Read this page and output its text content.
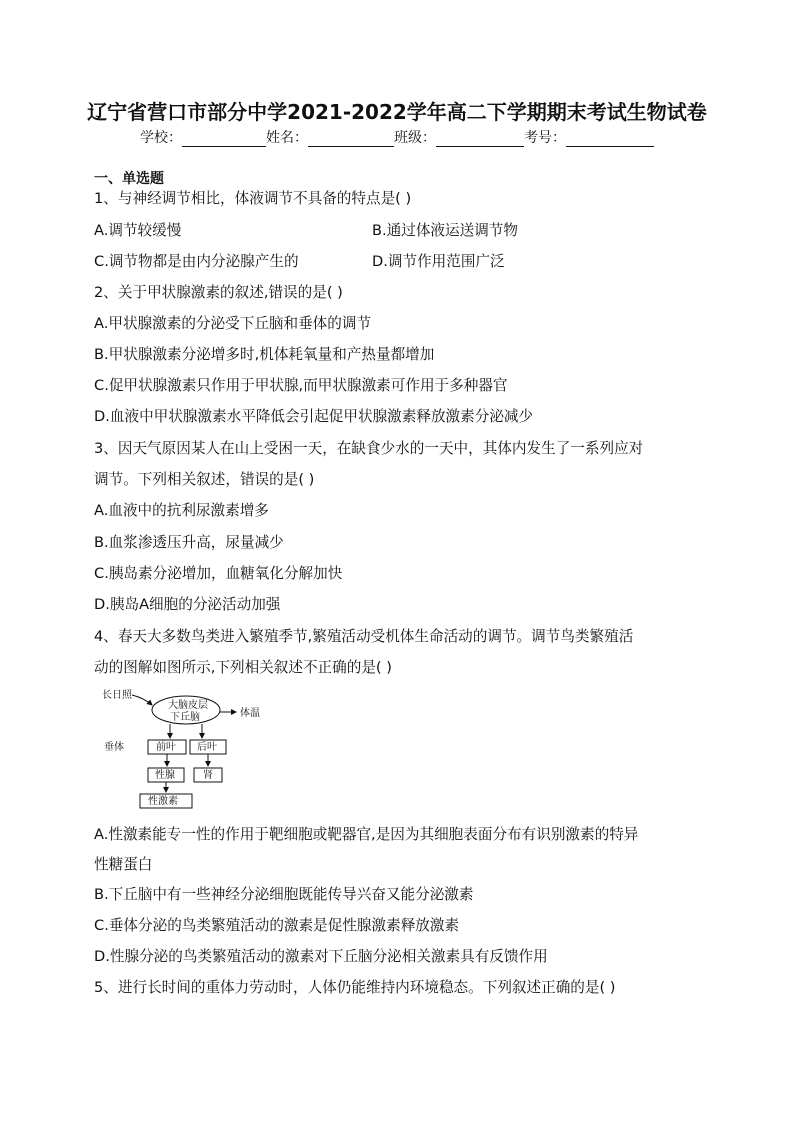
辽宁省营口市部分中学2021-2022学年高二下学期期末考试生物试卷
学校：	姓名：	班级：	考号：
一、单选题
1、与神经调节相比，体液调节不具备的特点是( )
A.调节较缓慢	B.通过体液运送调节物
C.调节物都是由内分泌腺产生的	D.调节作用范围广泛
2、关于甲状腺激素的叙述,错误的是( )
A.甲状腺激素的分泌受下丘脑和垂体的调节
B.甲状腺激素分泌增多时,机体耗氧量和产热量都增加
C.促甲状腺激素只作用于甲状腺,而甲状腺激素可作用于多种器官
D.血液中甲状腺激素水平降低会引起促甲状腺激素释放激素分泌减少
3、因天气原因某人在山上受困一天，在缺食少水的一天中，其体内发生了一系列应对
调节。下列相关叙述，错误的是( )
A.血液中的抗利尿激素增多
B.血浆渗透压升高，尿量减少
C.胰岛素分泌增加，血糖氧化分解加快
D.胰岛A细胞的分泌活动加强
4、春天大多数鸟类进入繁殖季节,繁殖活动受机体生命活动的调节。调节鸟类繁殖活
动的图解如图所示,下列相关叙述不正确的是( )
长日照
大脑皮层
下丘脑	体温
垂体	前叶 后叶
性腺	肾
性激素
A.性激素能专一性的作用于靶细胞或靶器官,是因为其细胞表面分布有识别激素的特异
性糖蛋白
B.下丘脑中有一些神经分泌细胞既能传导兴奋又能分泌激素
C.垂体分泌的鸟类繁殖活动的激素是促性腺激素释放激素
D.性腺分泌的鸟类繁殖活动的激素对下丘脑分泌相关激素具有反馈作用
5、进行长时间的重体力劳动时，人体仍能维持内环境稳态。下列叙述正确的是( )
